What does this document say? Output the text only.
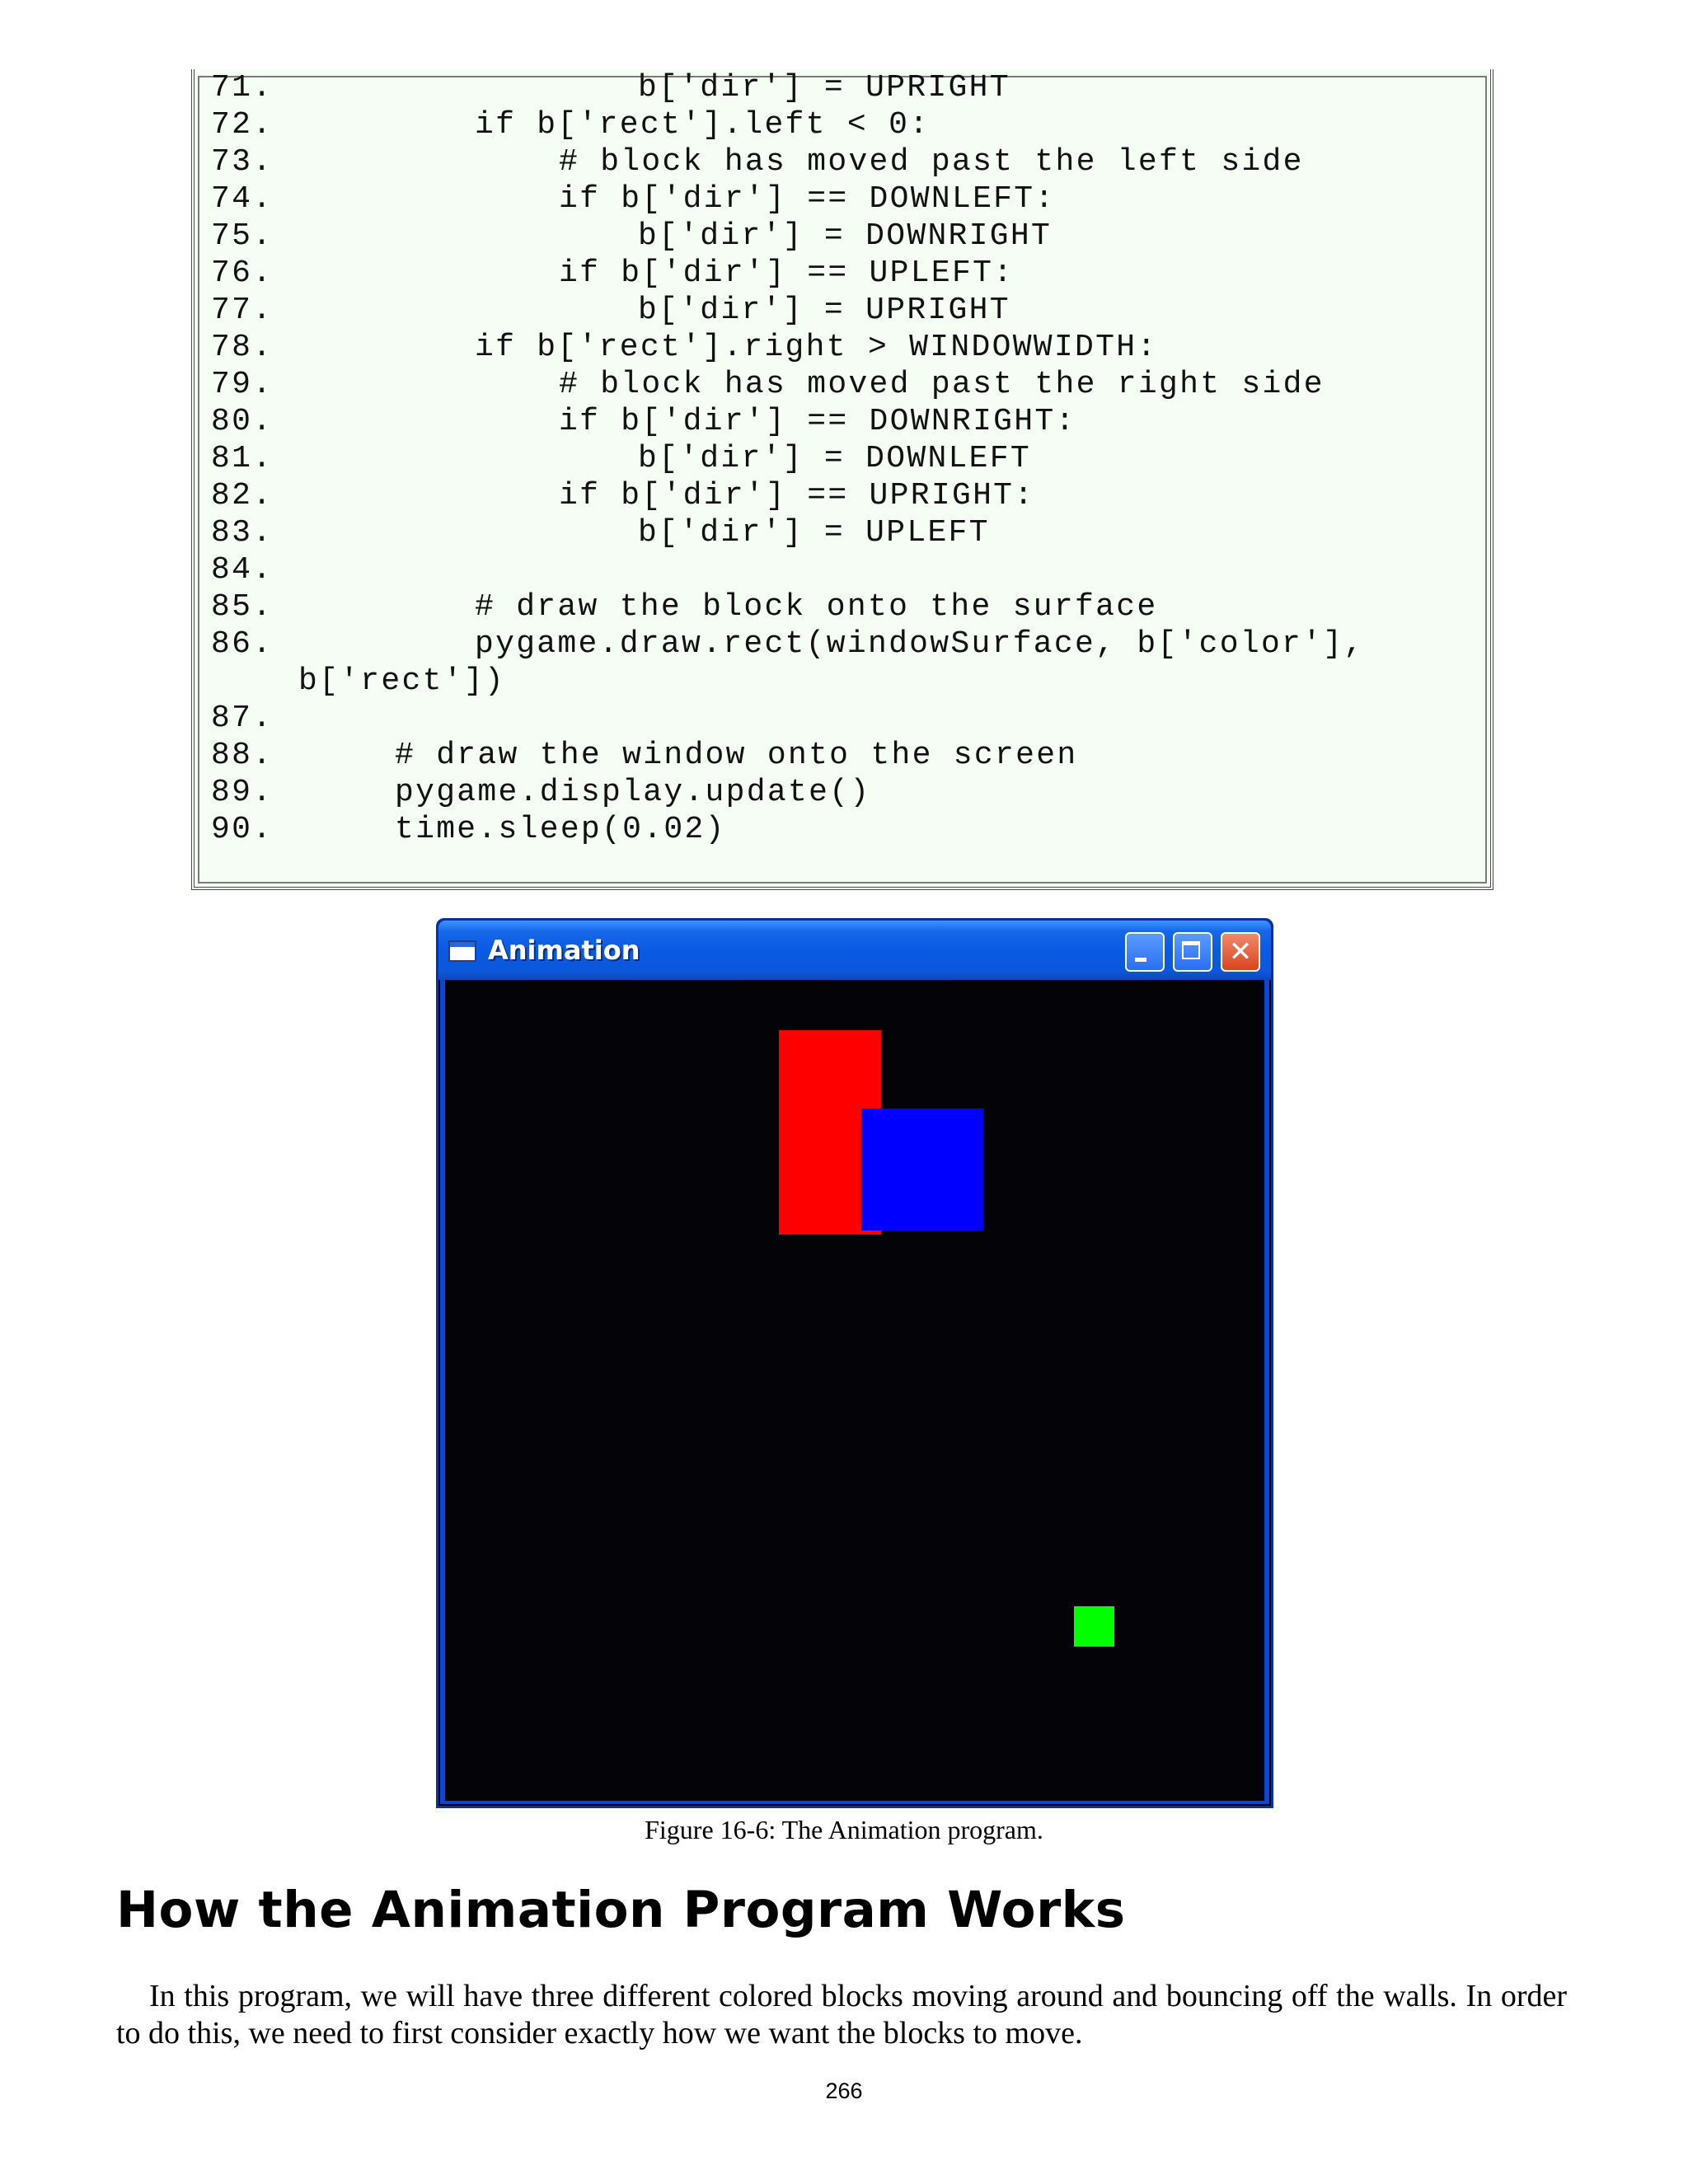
71.	b['dir'] = UPRIGHT
72.	if b['rect'].left < 0:
73.	# block has moved past the left side
74.	if b['dir'] == DOWNLEFT:
75.	b['dir'] = DOWNRIGHT
76.	if b['dir'] == UPLEFT:
77.	b['dir'] = UPRIGHT
78.	if b['rect'].right > WINDOWWIDTH:
79.	# block has moved past the right side
80.	if b['dir'] == DOWNRIGHT:
81.	b['dir'] = DOWNLEFT
82.	if b['dir'] == UPRIGHT:
83.	b['dir'] = UPLEFT
84.
85.	# draw the block onto the surface
86.	pygame.draw.rect(windowSurface, b['color'],
b['rect'])
87.
88.	# draw the window onto the screen
89.	pygame.display.update()
90.	time.sleep(0.02)
Animation	✕
Figure 16-6: The Animation program.
How the Animation Program Works
In this program, we will have three different colored blocks moving around and bouncing off the walls. In order to do this, we need to first consider exactly how we want the blocks to move.
266
